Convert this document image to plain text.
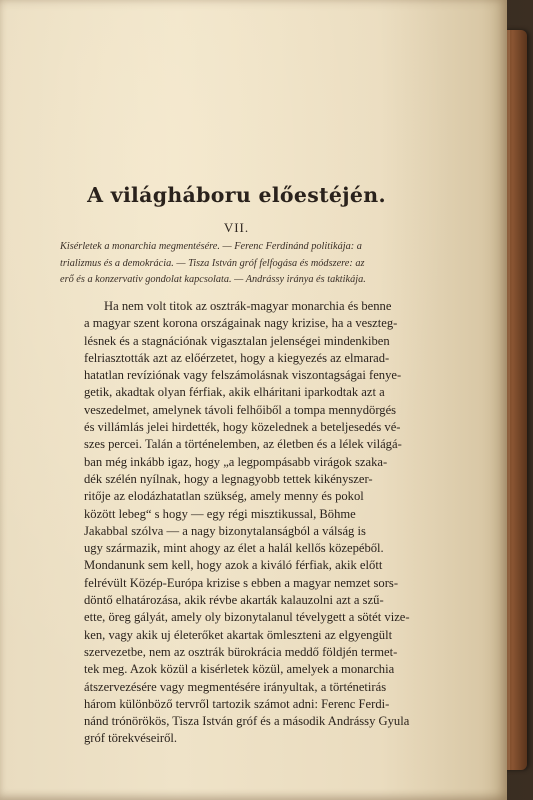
A világháboru előestéjén.
VII.
Kisérletek a monarchia megmentésére. — Ferenc Ferdinánd politikája: a
trializmus és a demokrácia. — Tisza István gróf felfogása és módszere: az
erő és a konzervativ gondolat kapcsolata. — Andrássy iránya és taktikája.
Ha nem volt titok az osztrák-magyar monarchia és benne
a magyar szent korona országainak nagy krizise, ha a veszteg-
lésnek és a stagnációnak vigasztalan jelenségei mindenkiben
felriasztották azt az előérzetet, hogy a kiegyezés az elmarad-
hatatlan revíziónak vagy felszámolásnak viszontagságai fenye-
getik, akadtak olyan férfiak, akik elháritani iparkodtak azt a
veszedelmet, amelynek távoli felhőiből a tompa mennydörgés
és villámlás jelei hirdették, hogy közelednek a beteljesedés vé-
szes percei. Talán a történelemben, az életben és a lélek világá-
ban még inkább igaz, hogy „a legpompásabb virágok szaka-
dék szélén nyílnak, hogy a legnagyobb tettek kikényszer-
ritője az elodázhatatlan szükség, amely menny és pokol
között lebeg“ s hogy — egy régi misztikussal, Böhme
Jakabbal szólva — a nagy bizonytalanságból a válság is
ugy származik, mint ahogy az élet a halál kellős közepéből.
Mondanunk sem kell, hogy azok a kiváló férfiak, akik előtt
felrévült Közép-Európa krizise s ebben a magyar nemzet sors-
döntő elhatározása, akik révbe akarták kalauzolni azt a szű-
ette, öreg gályát, amely oly bizonytalanul tévelygett a sötét vize-
ken, vagy akik uj életerőket akartak ömleszteni az elgyengült
szervezetbe, nem az osztrák bürokrácia meddő földjén termet-
tek meg. Azok közül a kisérletek közül, amelyek a monarchia
átszervezésére vagy megmentésére irányultak, a történetirás
három különböző tervről tartozik számot adni: Ferenc Ferdi-
nánd trónörökös, Tisza István gróf és a második Andrássy Gyula
gróf törekvéseiről.
